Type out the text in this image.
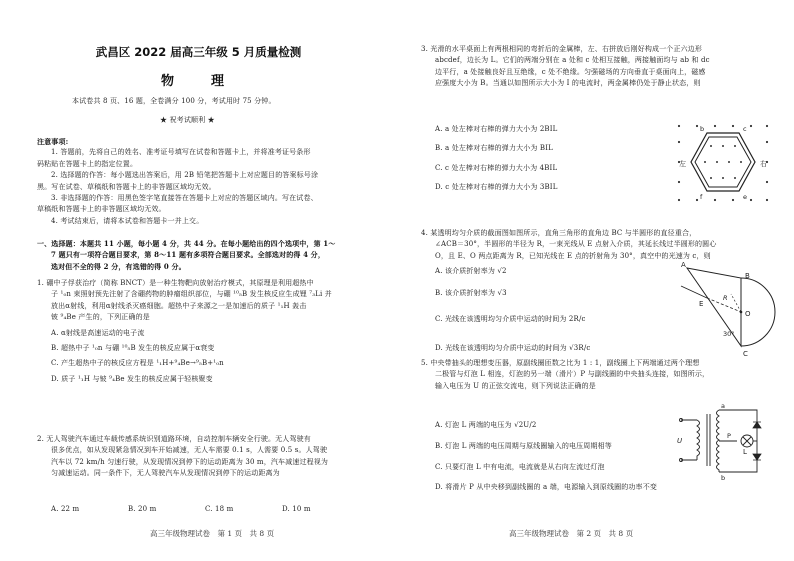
武昌区 2022 届高三年级 5 月质量检测
物　理
本试卷共 8 页、16 题，全卷满分 100 分，考试用时 75 分钟。
★ 祝考试顺利 ★
注意事项:
1. 答题前，先将自己的姓名、准考证号填写在试卷和答题卡上，并将准考证号条形
码粘贴在答题卡上的指定位置。
2. 选择题的作答：每小题选出答案后，用 2B 铅笔把答题卡上对应题目的答案标号涂
黑。写在试卷、草稿纸和答题卡上的非答题区域均无效。
3. 非选择题的作答：用黑色签字笔直接答在答题卡上对应的答题区域内。写在试卷、
草稿纸和答题卡上的非答题区域均无效。
4. 考试结束后，请将本试卷和答题卡一并上交。
一、选择题：本题共 11 小题，每小题 4 分，共 44 分。在每小题给出的四个选项中，第 1～
7 题只有一项符合题目要求，第 8～11 题有多项符合题目要求。全部选对的得 4 分，
选对但不全的得 2 分，有选错的得 0 分。
1. 硼中子俘获治疗（简称 BNCT）是一种生物靶向放射治疗模式，其原理是利用超热中
子 ¹₀n 束照射预先注射了含硼药物的肿瘤组织部位，与硼 ¹⁰₅B 发生核反应生成锂 ⁷₃Li 并
放出α射线，利用α射线杀灭癌细胞。超热中子来源之一是加速后的质子 ¹₁H 轰击
铍 ⁹₄Be 产生的，下列正确的是
A. α射线是高速运动的电子流
B. 超热中子 ¹₀n 与硼 ¹⁰₅B 发生的核反应属于α衰变
C. 产生超热中子的核反应方程是 ¹₁H+⁹₄Be→⁹₅B+¹₀n
D. 质子 ¹₁H 与铍 ⁹₄Be 发生的核反应属于轻核聚变
2. 无人驾驶汽车通过车载传感系统识别道路环境，自动控制车辆安全行驶。无人驾驶有
很多优点，如从发现紧急情况到车开始减速，无人车需要 0.1 s，人需要 0.5 s。人驾驶
汽车以 72 km/h 匀速行驶，从发现情况到停下的运动距离为 30 m，汽车减速过程视为
匀减速运动。同一条件下，无人驾驶汽车从发现情况到停下的运动距离为
A. 22 m	B. 20 m	C. 18 m	D. 10 m
高三年级物理试卷　第 1 页　共 8 页
3. 光滑的水平桌面上有两根相同的弯折后的金属棒，左、右拼放后刚好构成一个正六边形
abcdef，边长为 L。它们的两端分别在 a 处和 c 处相互接触，两接触面均与 ab 和 dc
边平行，a 处接触良好且互绝缘，c 处不绝缘。匀强磁场的方向垂直于桌面向上，磁感
应强度大小为 B。当通以如图所示大小为 I 的电流时，两金属棒仍处于静止状态，则
A. a 处左棒对右棒的弹力大小为 2BIL
B. a 处左棒对右棒的弹力大小为 BIL
C. c 处左棒对右棒的弹力大小为 4BIL
D. c 处左棒对右棒的弹力大小为 3BIL
左	右
b	c
f	e
4. 某透明均匀介质的截面图如图所示，直角三角形的直角边 BC 与半圆形的直径重合，
∠ACB＝30°，半圆形的半径为 R，一束光线从 E 点射入介质，其延长线过半圆形的圆心
O，且 E、O 两点距离为 R，已知光线在 E 点的折射角为 30°，真空中的光速为 c，则
A. 该介质折射率为 √2
B. 该介质折射率为 √3
C. 光线在该透明均匀介质中运动的时间为 2R/c
D. 光线在该透明均匀介质中运动的时间为 √3R/c
A
B
C
E
O
R
30°
5. 中央带抽头的理想变压器，原副线圈匝数之比为 1 : 1，副线圈上下两端通过两个理想
二极管与灯泡 L 相连，灯泡的另一端（滑片）P 与副线圈的中央抽头连接，如图所示，
输入电压为 U 的正弦交流电，则下列说法正确的是
A. 灯泡 L 两端的电压为 √2U/2
B. 灯泡 L 两端的电压周期与原线圈输入的电压周期相等
C. 只要灯泡 L 中有电流，电流就是从右向左流过灯泡
D. 将滑片 P 从中央移到副线圈的 a 端，电源输入到原线圈的功率不变
U
L
P
a
b
高三年级物理试卷　第 2 页　共 8 页
